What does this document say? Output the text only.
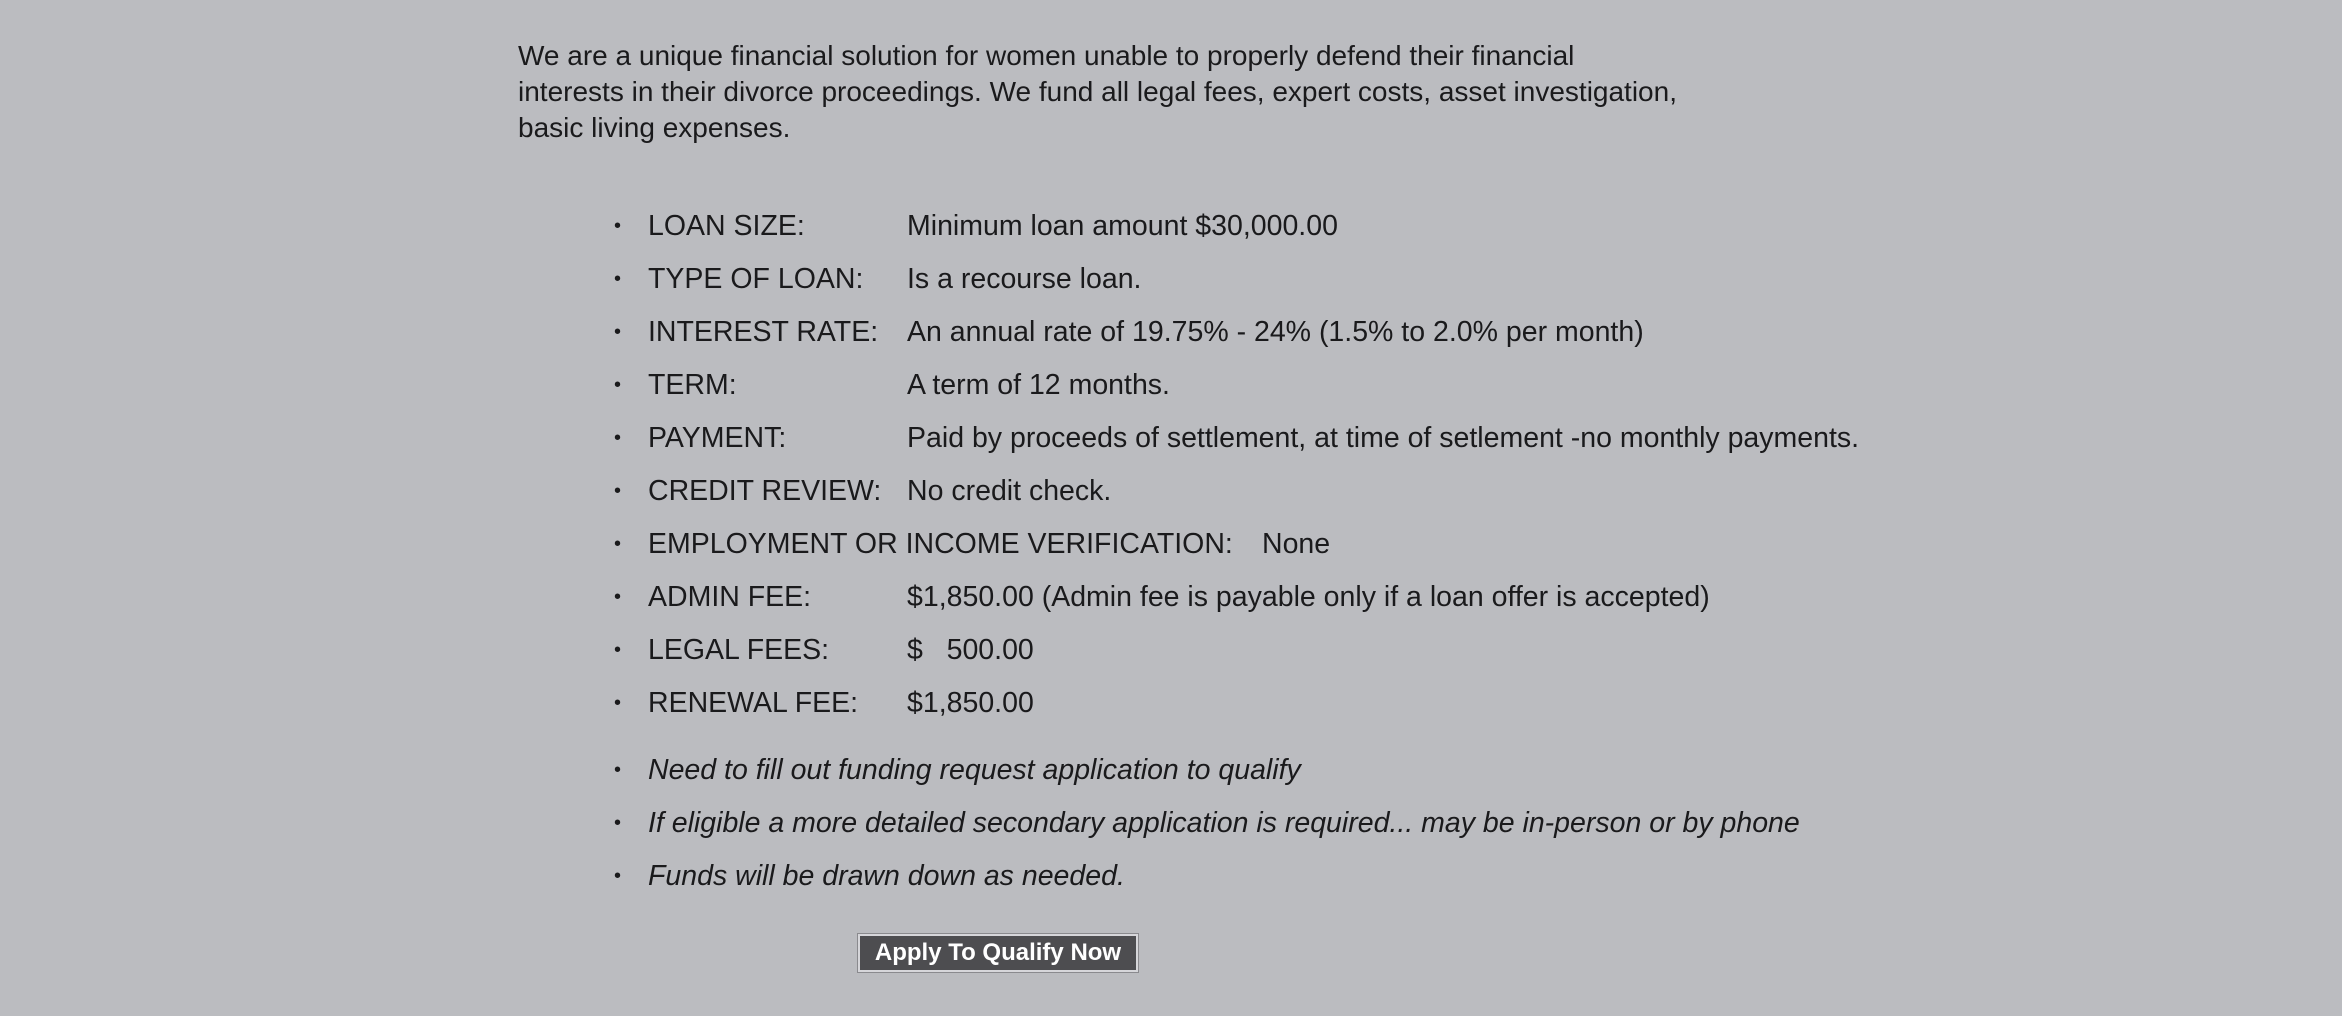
We are a unique financial solution for women unable to properly defend their financial

interests in their divorce proceedings. We fund all legal fees, expert costs, asset investigation,

basic living expenses.

• LOAN SIZE:	Minimum loan amount $30,000.00
• TYPE OF LOAN: Is a recourse loan.
• INTEREST RATE: An annual rate of 19.75% - 24% (1.5% to 2.0% per month)
• TERM:	A term of 12 months.
• PAYMENT:	Paid by proceeds of settlement, at time of setlement -no monthly payments.
• CREDIT REVIEW: No credit check.
• EMPLOYMENT OR INCOME VERIFICATION: None
• ADMIN FEE:	$1,850.00 (Admin fee is payable only if a loan offer is accepted)
• LEGAL FEES:	$   500.00
• RENEWAL FEE: $1,850.00
• Need to fill out funding request application to qualify
• If eligible a more detailed secondary application is required... may be in-person or by phone
• Funds will be drawn down as needed.
Apply To Qualify Now
